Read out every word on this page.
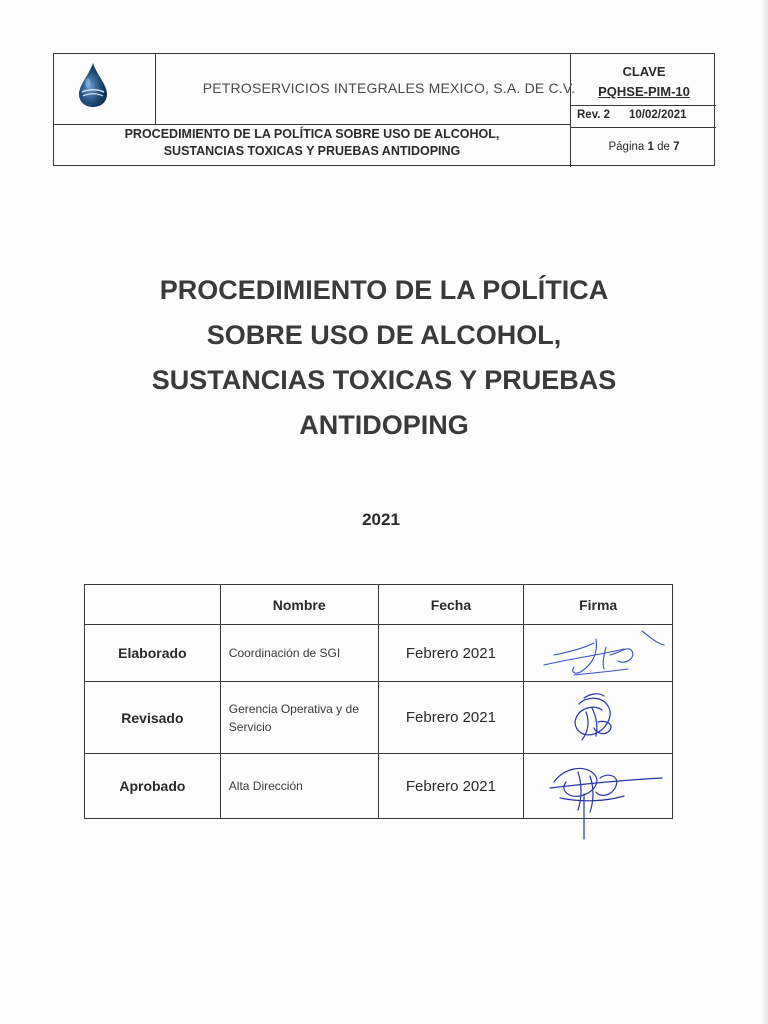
PETROSERVICIOS INTEGRALES MEXICO, S.A. DE C.V.
CLAVE
PQHSE-PIM-10
Rev. 2 10/02/2021
PROCEDIMIENTO DE LA POLÍTICA SOBRE USO DE ALCOHOL,
SUSTANCIAS TOXICAS Y PRUEBAS ANTIDOPING	Página 1 de 7
PROCEDIMIENTO DE LA POLÍTICA
SOBRE USO DE ALCOHOL,
SUSTANCIAS TOXICAS Y PRUEBAS
ANTIDOPING
2021
	Nombre	Fecha	Firma
Elaborado	Coordinación de SGI	Febrero 2021	

Revisado	Gerencia Operativa y de Servicio	Febrero 2021	

Aprobado	Alta Dirección	Febrero 2021	
